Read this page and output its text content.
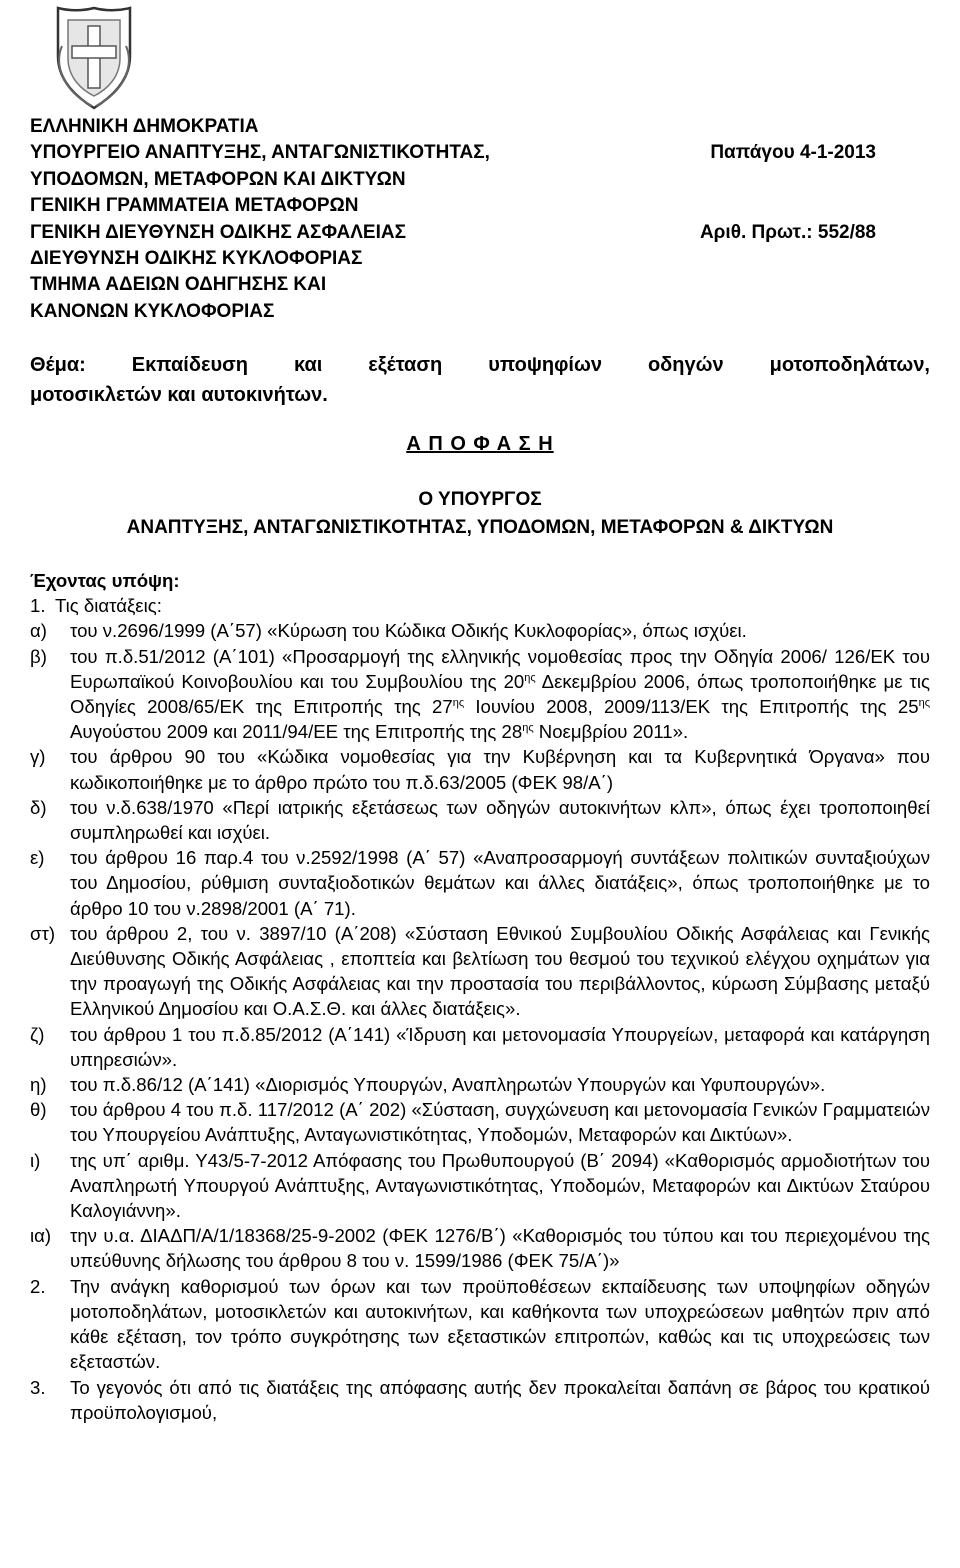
ΕΛΛΗΝΙΚΗ ΔΗΜΟΚΡΑΤΙΑ
ΥΠΟΥΡΓΕΙΟ ΑΝΑΠΤΥΞΗΣ, ΑΝΤΑΓΩΝΙΣΤΙΚΟΤΗΤΑΣ,	Παπάγου 4-1-2013
ΥΠΟΔΟΜΩΝ, ΜΕΤΑΦΟΡΩΝ ΚΑΙ ΔΙΚΤΥΩΝ
ΓΕΝΙΚΗ ΓΡΑΜΜΑΤΕΙΑ ΜΕΤΑΦΟΡΩΝ
ΓΕΝΙΚΗ ΔΙΕΥΘΥΝΣΗ ΟΔΙΚΗΣ ΑΣΦΑΛΕΙΑΣ	Αριθ. Πρωτ.: 552/88
ΔΙΕΥΘΥΝΣΗ ΟΔΙΚΗΣ ΚΥΚΛΟΦΟΡΙΑΣ
ΤΜΗΜΑ ΑΔΕΙΩΝ ΟΔΗΓΗΣΗΣ ΚΑΙ
ΚΑΝΟΝΩΝ ΚΥΚΛΟΦΟΡΙΑΣ
Θέμα: Εκπαίδευση και εξέταση υποψηφίων οδηγών μοτοποδηλάτων,
μοτοσικλετών και αυτοκινήτων.
Α Π Ο Φ Α Σ Η
Ο ΥΠΟΥΡΓΟΣ
ΑΝΑΠΤΥΞΗΣ, ΑΝΤΑΓΩΝΙΣΤΙΚΟΤΗΤΑΣ, ΥΠΟΔΟΜΩΝ, ΜΕΤΑΦΟΡΩΝ & ΔΙΚΤΥΩΝ
Έχοντας υπόψη:
1. Τις διατάξεις:
α)	του ν.2696/1999 (Α΄57) «Κύρωση του Κώδικα Οδικής Κυκλοφορίας», όπως ισχύει.
β)	του π.δ.51/2012 (Α΄101) «Προσαρμογή της ελληνικής νομοθεσίας προς την Οδηγία 2006/ 126/ΕΚ του Ευρωπαϊκού Κοινοβουλίου και του Συμβουλίου της $20^{\eta\varsigma}$ Δεκεμβρίου 2006, όπως τροποποιήθηκε με τις Οδηγίες 2008/65/ΕΚ της Επιτροπής της $27^{\eta\varsigma}$ Ιουνίου 2008, 2009/113/ΕΚ της Επιτροπής της $25^{\eta\varsigma}$ Αυγούστου 2009 και 2011/94/ΕΕ της Επιτροπής της $28^{\eta\varsigma}$ Νοεμβρίου 2011».
γ)	του άρθρου 90 του «Κώδικα νομοθεσίας για την Κυβέρνηση και τα Κυβερνητικά Όργανα» που κωδικοποιήθηκε με το άρθρο πρώτο του π.δ.63/2005 (ΦΕΚ 98/Α΄)
δ)	του ν.δ.638/1970 «Περί ιατρικής εξετάσεως των οδηγών αυτοκινήτων κλπ», όπως έχει τροποποιηθεί συμπληρωθεί και ισχύει.
ε)	του άρθρου 16 παρ.4 του ν.2592/1998 (Α΄ 57) «Αναπροσαρμογή συντάξεων πολιτικών συνταξιούχων του Δημοσίου, ρύθμιση συνταξιοδοτικών θεμάτων και άλλες διατάξεις», όπως τροποποιήθηκε με το άρθρο 10 του ν.2898/2001 (Α΄ 71).
στ) του άρθρου 2, του ν. 3897/10 (Α΄208) «Σύσταση Εθνικού Συμβουλίου Οδικής Ασφάλειας και Γενικής Διεύθυνσης Οδικής Ασφάλειας , εποπτεία και βελτίωση του θεσμού του τεχνικού ελέγχου οχημάτων για την προαγωγή της Οδικής Ασφάλειας και την προστασία του περιβάλλοντος, κύρωση Σύμβασης μεταξύ Ελληνικού Δημοσίου και Ο.Α.Σ.Θ. και άλλες διατάξεις».
ζ)	του άρθρου 1 του π.δ.85/2012 (Α΄141) «Ίδρυση και μετονομασία Υπουργείων, μεταφορά και κατάργηση υπηρεσιών».
η)	του π.δ.86/12 (Α΄141) «Διορισμός Υπουργών, Αναπληρωτών Υπουργών και Υφυπουργών».
θ)	του άρθρου 4 του π.δ. 117/2012 (Α΄ 202) «Σύσταση, συγχώνευση και μετονομασία Γενικών Γραμματειών του Υπουργείου Ανάπτυξης, Ανταγωνιστικότητας, Υποδομών, Μεταφορών και Δικτύων».
ι)	της υπ΄ αριθμ. Υ43/5-7-2012 Απόφασης του Πρωθυπουργού (Β΄ 2094) «Καθορισμός αρμοδιοτήτων του Αναπληρωτή Υπουργού Ανάπτυξης, Ανταγωνιστικότητας, Υποδομών, Μεταφορών και Δικτύων Σταύρου Καλογιάννη».
ια)	την υ.α. ΔΙΑΔΠ/Α/1/18368/25-9-2002 (ΦΕΚ 1276/Β΄) «Καθορισμός του τύπου και του περιεχομένου της υπεύθυνης δήλωσης του άρθρου 8 του ν. 1599/1986 (ΦΕΚ 75/Α΄)»
2.	Την ανάγκη καθορισμού των όρων και των προϋποθέσεων εκπαίδευσης των υποψηφίων οδηγών μοτοποδηλάτων, μοτοσικλετών και αυτοκινήτων, και καθήκοντα των υποχρεώσεων μαθητών πριν από κάθε εξέταση, τον τρόπο συγκρότησης των εξεταστικών επιτροπών, καθώς και τις υποχρεώσεις των εξεταστών.
3.	Το γεγονός ότι από τις διατάξεις της απόφασης αυτής δεν προκαλείται δαπάνη σε βάρος του κρατικού προϋπολογισμού,
